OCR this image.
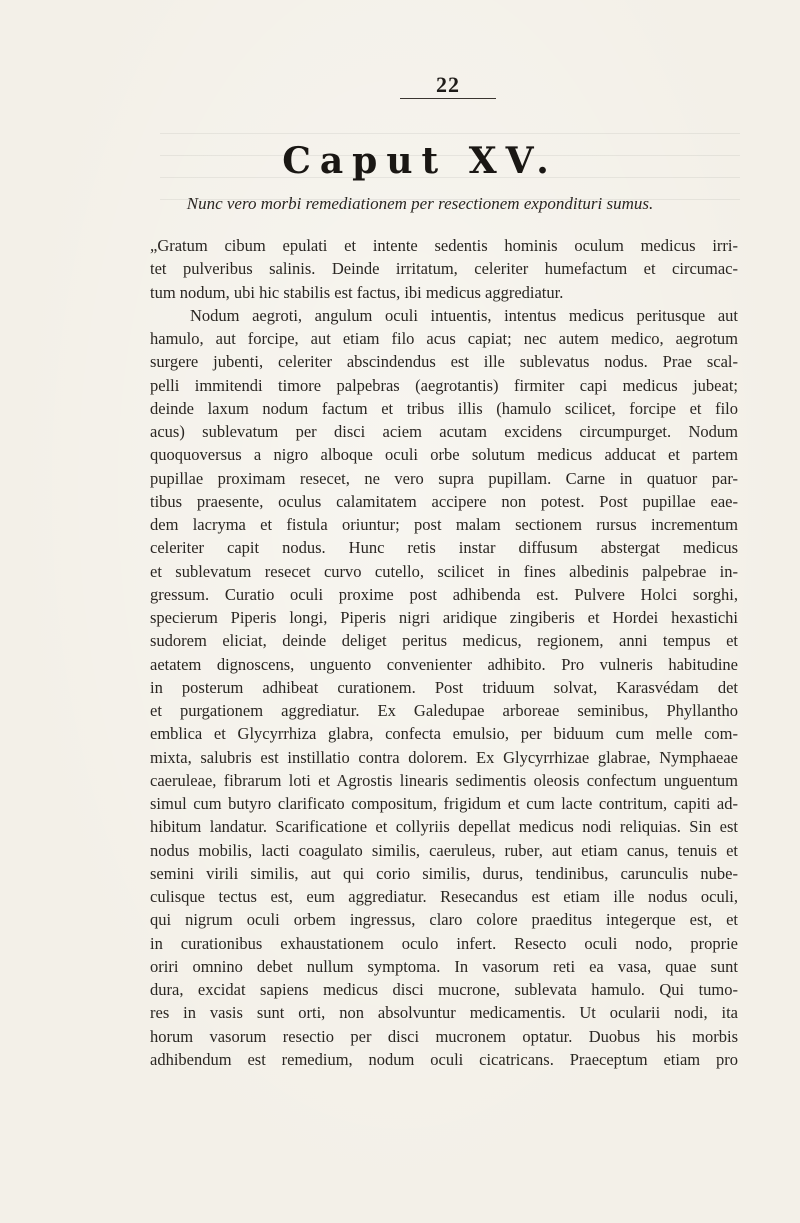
22
Caput XV.
Nunc vero morbi remediationem per resectionem expondituri sumus.
„Gratum cibum epulati et intente sedentis hominis oculum medicus irri-
tet pulveribus salinis. Deinde irritatum, celeriter humefactum et circumac-
tum nodum, ubi hic stabilis est factus, ibi medicus aggrediatur.
Nodum aegroti, angulum oculi intuentis, intentus medicus peritusque aut
hamulo, aut forcipe, aut etiam filo acus capiat; nec autem medico, aegrotum
surgere jubenti, celeriter abscindendus est ille sublevatus nodus. Prae scal-
pelli immitendi timore palpebras (aegrotantis) firmiter capi medicus jubeat;
deinde laxum nodum factum et tribus illis (hamulo scilicet, forcipe et filo
acus) sublevatum per disci aciem acutam excidens circumpurget. Nodum
quoquoversus a nigro alboque oculi orbe solutum medicus adducat et partem
pupillae proximam resecet, ne vero supra pupillam. Carne in quatuor par-
tibus praesente, oculus calamitatem accipere non potest. Post pupillae eae-
dem lacryma et fistula oriuntur; post malam sectionem rursus incrementum
celeriter capit nodus. Hunc retis instar diffusum abstergat medicus
et sublevatum resecet curvo cutello, scilicet in fines albedinis palpebrae in-
gressum. Curatio oculi proxime post adhibenda est. Pulvere Holci sorghi,
specierum Piperis longi, Piperis nigri aridique zingiberis et Hordei hexastichi
sudorem eliciat, deinde deliget peritus medicus, regionem, anni tempus et
aetatem dignoscens, unguento convenienter adhibito. Pro vulneris habitudine
in posterum adhibeat curationem. Post triduum solvat, Karasvédam det
et purgationem aggrediatur. Ex Galedupae arboreae seminibus, Phyllantho
emblica et Glycyrrhiza glabra, confecta emulsio, per biduum cum melle com-
mixta, salubris est instillatio contra dolorem. Ex Glycyrrhizae glabrae, Nymphaeae
caeruleae, fibrarum loti et Agrostis linearis sedimentis oleosis confectum unguentum
simul cum butyro clarificato compositum, frigidum et cum lacte contritum, capiti ad-
hibitum landatur. Scarificatione et collyriis depellat medicus nodi reliquias. Sin est
nodus mobilis, lacti coagulato similis, caeruleus, ruber, aut etiam canus, tenuis et
semini virili similis, aut qui corio similis, durus, tendinibus, carunculis nube-
culisque tectus est, eum aggrediatur. Resecandus est etiam ille nodus oculi,
qui nigrum oculi orbem ingressus, claro colore praeditus integerque est, et
in curationibus exhaustationem oculo infert. Resecto oculi nodo, proprie
oriri omnino debet nullum symptoma. In vasorum reti ea vasa, quae sunt
dura, excidat sapiens medicus disci mucrone, sublevata hamulo. Qui tumo-
res in vasis sunt orti, non absolvuntur medicamentis. Ut ocularii nodi, ita
horum vasorum resectio per disci mucronem optatur. Duobus his morbis
adhibendum est remedium, nodum oculi cicatricans. Praeceptum etiam pro
